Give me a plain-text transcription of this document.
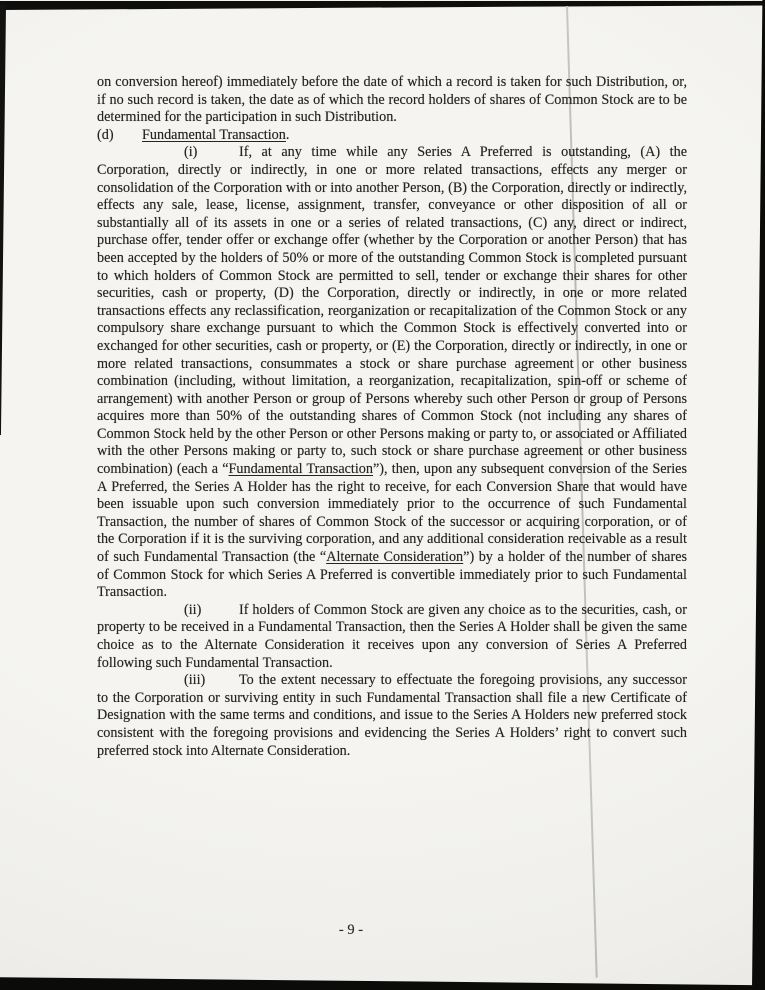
on conversion hereof) immediately before the date of which a record is taken for such Distribution, or, if no such record is taken, the date as of which the record holders of shares of Common Stock are to be determined for the participation in such Distribution.

(d) Fundamental Transaction.

(i)	If, at any time while any Series A Preferred is outstanding, (A) the Corporation, directly or indirectly, in one or more related transactions, effects any merger or consolidation of the Corporation with or into another Person, (B) the Corporation, directly or indirectly, effects any sale, lease, license, assignment, transfer, conveyance or other disposition of all or substantially all of its assets in one or a series of related transactions, (C) any, direct or indirect, purchase offer, tender offer or exchange offer (whether by the Corporation or another Person) that has been accepted by the holders of 50% or more of the outstanding Common Stock is completed pursuant to which holders of Common Stock are permitted to sell, tender or exchange their shares for other securities, cash or property, (D) the Corporation, directly or indirectly, in one or more related transactions effects any reclassification, reorganization or recapitalization of the Common Stock or any compulsory share exchange pursuant to which the Common Stock is effectively converted into or exchanged for other securities, cash or property, or (E) the Corporation, directly or indirectly, in one or more related transactions, consummates a stock or share purchase agreement or other business combination (including, without limitation, a reorganization, recapitalization, spin-off or scheme of arrangement) with another Person or group of Persons whereby such other Person or group of Persons acquires more than 50% of the outstanding shares of Common Stock (not including any shares of Common Stock held by the other Person or other Persons making or party to, or associated or Affiliated with the other Persons making or party to, such stock or share purchase agreement or other business combination) (each a “Fundamental Transaction”), then, upon any subsequent conversion of the Series A Preferred, the Series A Holder has the right to receive, for each Conversion Share that would have been issuable upon such conversion immediately prior to the occurrence of such Fundamental Transaction, the number of shares of Common Stock of the successor or acquiring corporation, or of the Corporation if it is the surviving corporation, and any additional consideration receivable as a result of such Fundamental Transaction (the “Alternate Consideration”) by a holder of the number of shares of Common Stock for which Series A Preferred is convertible immediately prior to such Fundamental Transaction.

(ii)	If holders of Common Stock are given any choice as to the securities, cash, or property to be received in a Fundamental Transaction, then the Series A Holder shall be given the same choice as to the Alternate Consideration it receives upon any conversion of Series A Preferred following such Fundamental Transaction.

(iii) To the extent necessary to effectuate the foregoing provisions, any successor to the Corporation or surviving entity in such Fundamental Transaction shall file a new Certificate of Designation with the same terms and conditions, and issue to the Series A Holders new preferred stock consistent with the foregoing provisions and evidencing the Series A Holders’ right to convert such preferred stock into Alternate Consideration.

- 9 -
